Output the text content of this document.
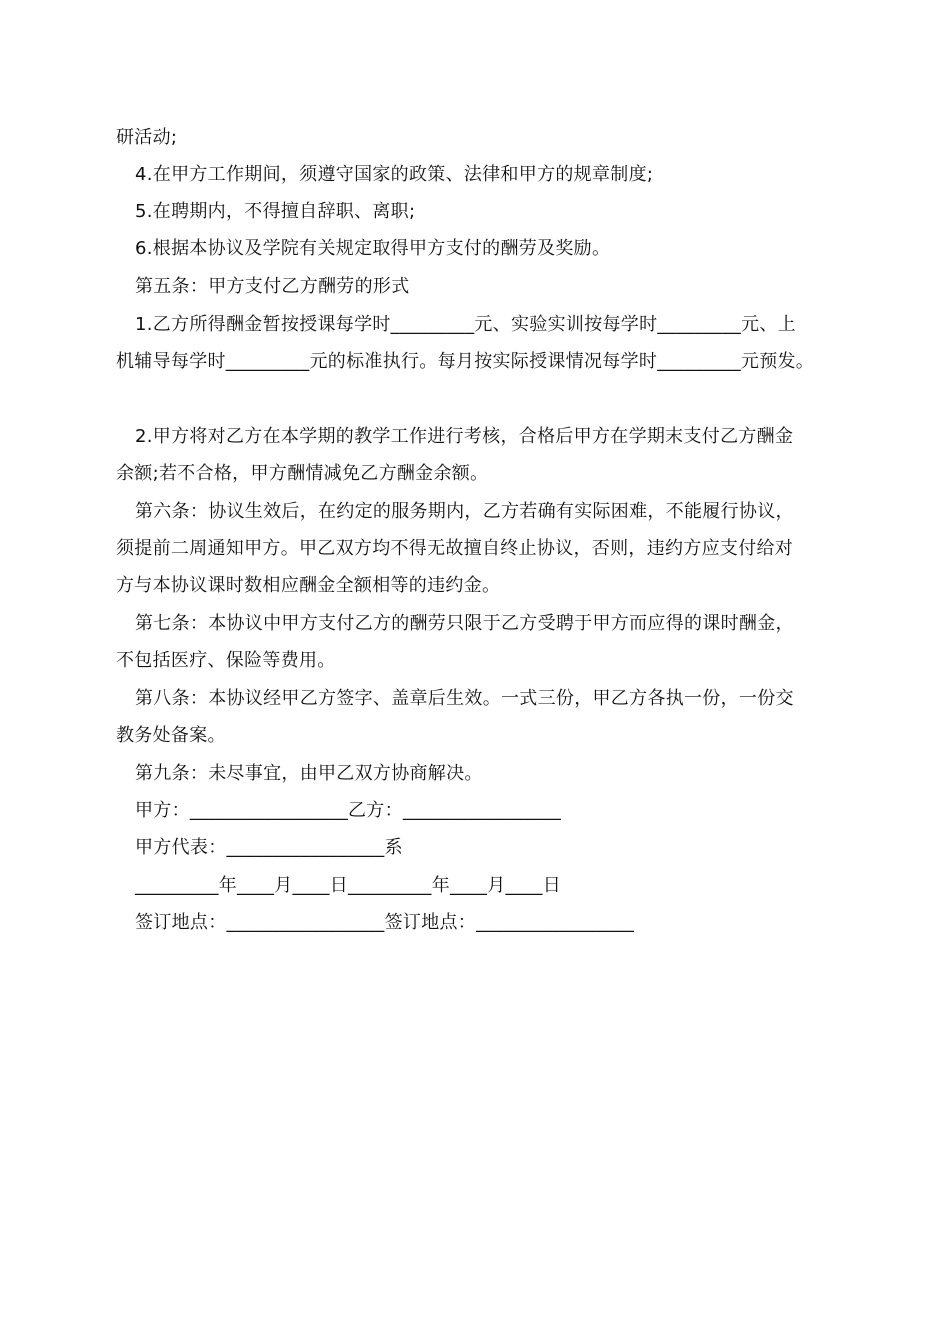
研活动;
4.在甲方工作期间，须遵守国家的政策、法律和甲方的规章制度;
5.在聘期内，不得擅自辞职、离职;
6.根据本协议及学院有关规定取得甲方支付的酬劳及奖励。
第五条：甲方支付乙方酬劳的形式
1.乙方所得酬金暂按授课每学时_________元、实验实训按每学时_________元、上
机辅导每学时_________元的标准执行。每月按实际授课情况每学时_________元预发。
2.甲方将对乙方在本学期的教学工作进行考核，合格后甲方在学期末支付乙方酬金
余额;若不合格，甲方酬情减免乙方酬金余额。
第六条：协议生效后，在约定的服务期内，乙方若确有实际困难，不能履行协议，
须提前二周通知甲方。甲乙双方均不得无故擅自终止协议，否则，违约方应支付给对
方与本协议课时数相应酬金全额相等的违约金。
第七条：本协议中甲方支付乙方的酬劳只限于乙方受聘于甲方而应得的课时酬金，
不包括医疗、保险等费用。
第八条：本协议经甲乙方签字、盖章后生效。一式三份，甲乙方各执一份，一份交
教务处备案。
第九条：未尽事宜，由甲乙双方协商解决。
甲方：_________________乙方：_________________
甲方代表：_________________系
_________年____月____日_________年____月____日
签订地点：_________________签订地点：_________________
